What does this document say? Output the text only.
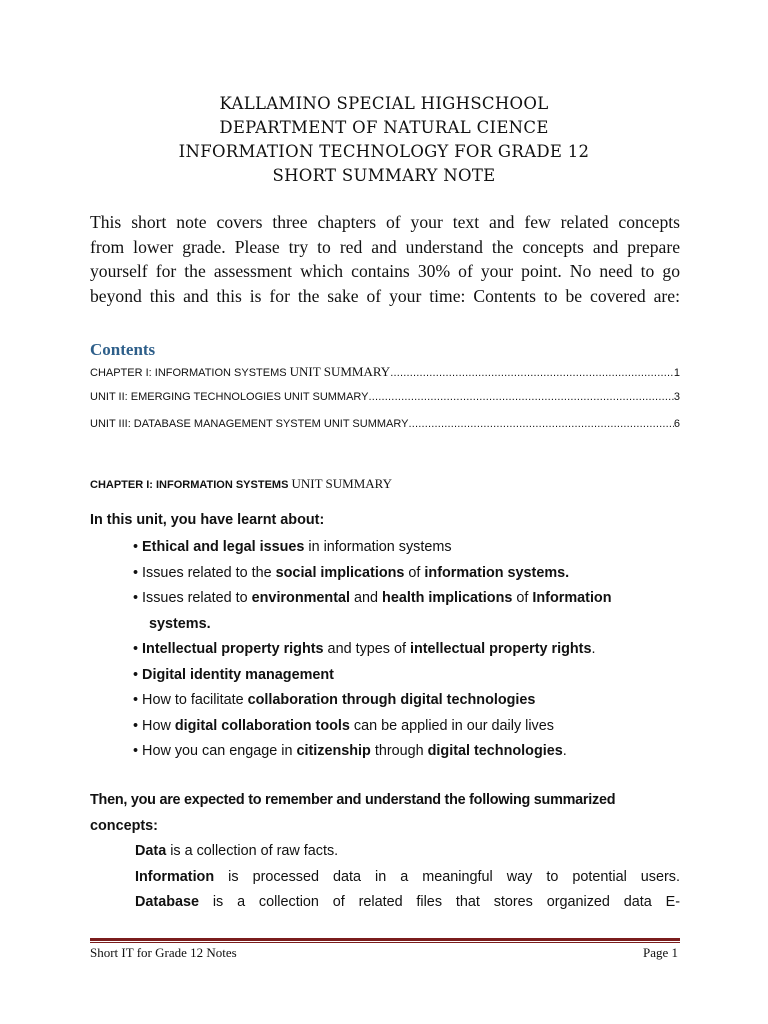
KALLAMINO SPECIAL HIGHSCHOOL
DEPARTMENT OF NATURAL CIENCE
INFORMATION TECHNOLOGY FOR GRADE 12
SHORT SUMMARY NOTE
This short note covers three chapters of your text and few related concepts
from lower grade. Please try to red and understand the concepts and prepare
yourself for the assessment which contains 30% of your point. No need to go
beyond this and this is for the sake of your time: Contents to be covered are:
Contents
CHAPTER I: INFORMATION SYSTEMS UNIT SUMMARY .....	1
UNIT II: EMERGING TECHNOLOGIES UNIT SUMMARY .....	3
UNIT III: DATABASE MANAGEMENT SYSTEM UNIT SUMMARY .....	6
CHAPTER I: INFORMATION SYSTEMS UNIT SUMMARY
In this unit, you have learnt about:
• Ethical and legal issues in information systems
• Issues related to the social implications of information systems.
• Issues related to environmental and health implications of Information
systems.
• Intellectual property rights and types of intellectual property rights.
• Digital identity management
• How to facilitate collaboration through digital technologies
• How digital collaboration tools can be applied in our daily lives
• How you can engage in citizenship through digital technologies.
Then, you are expected to remember and understand the following summarized
concepts:
Data is a collection of raw facts.
Information is processed data in a meaningful way to potential users.
Database is a collection of related files that stores organized data E-
Short IT for Grade 12 Notes	Page 1
